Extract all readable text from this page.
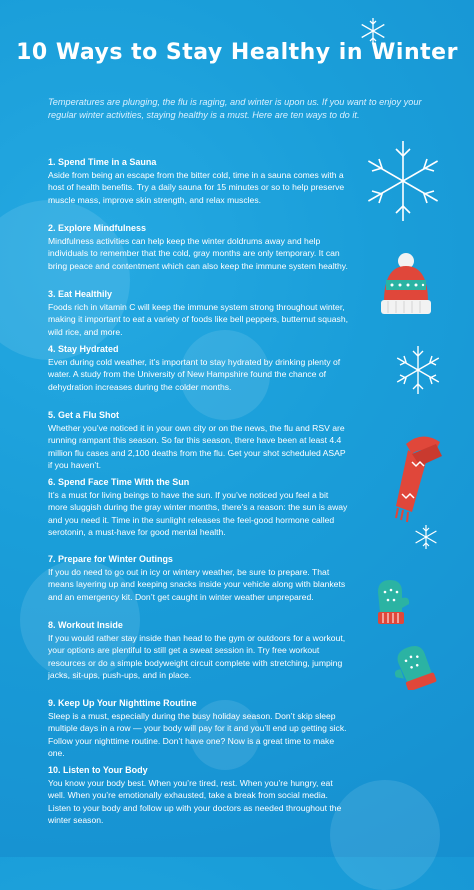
10 Ways to Stay Healthy in Winter
Temperatures are plunging, the flu is raging, and winter is upon us. If you want to enjoy your regular winter activities, staying healthy is a must. Here are ten ways to do it.
1. Spend Time in a Sauna

Aside from being an escape from the bitter cold, time in a sauna comes with a host of health benefits. Try a daily sauna for 15 minutes or so to help preserve muscle mass, improve skin strength, and relax muscles.

2. Explore Mindfulness

Mindfulness activities can help keep the winter doldrums away and help individuals to remember that the cold, gray months are only temporary. It can bring peace and contentment which can also keep the immune system healthy.

3. Eat Healthily

Foods rich in vitamin C will keep the immune system strong throughout winter, making it important to eat a variety of foods like bell peppers, butternut squash, wild rice, and more.

4. Stay Hydrated

Even during cold weather, it’s important to stay hydrated by drinking plenty of water. A study from the University of New Hampshire found the chance of dehydration increases during the colder months.

5. Get a Flu Shot

Whether you’ve noticed it in your own city or on the news, the flu and RSV are running rampant this season. So far this season, there have been at least 4.4 million flu cases and 2,100 deaths from the flu. Get your shot scheduled ASAP if you haven’t.

6. Spend Face Time With the Sun

It’s a must for living beings to have the sun. If you’ve noticed you feel a bit more sluggish during the gray winter months, there’s a reason: the sun is away and you need it. Time in the sunlight releases the feel-good hormone called serotonin, a must-have for good mental health.

7. Prepare for Winter Outings

If you do need to go out in icy or wintery weather, be sure to prepare. That means layering up and keeping snacks inside your vehicle along with blankets and an emergency kit. Don’t get caught in winter weather unprepared.

8. Workout Inside

If you would rather stay inside than head to the gym or outdoors for a workout, your options are plentiful to still get a sweat session in. Try free workout resources or do a simple bodyweight circuit complete with stretching, jumping jacks, sit-ups, push-ups, and in place.

9. Keep Up Your Nighttime Routine

Sleep is a must, especially during the busy holiday season. Don’t skip sleep multiple days in a row — your body will pay for it and you’ll end up getting sick. Follow your nighttime routine. Don’t have one? Now is a great time to make one.

10. Listen to Your Body

You know your body best. When you’re tired, rest. When you’re hungry, eat well. When you’re emotionally exhausted, take a break from social media. Listen to your body and follow up with your doctors as needed throughout the winter season.
